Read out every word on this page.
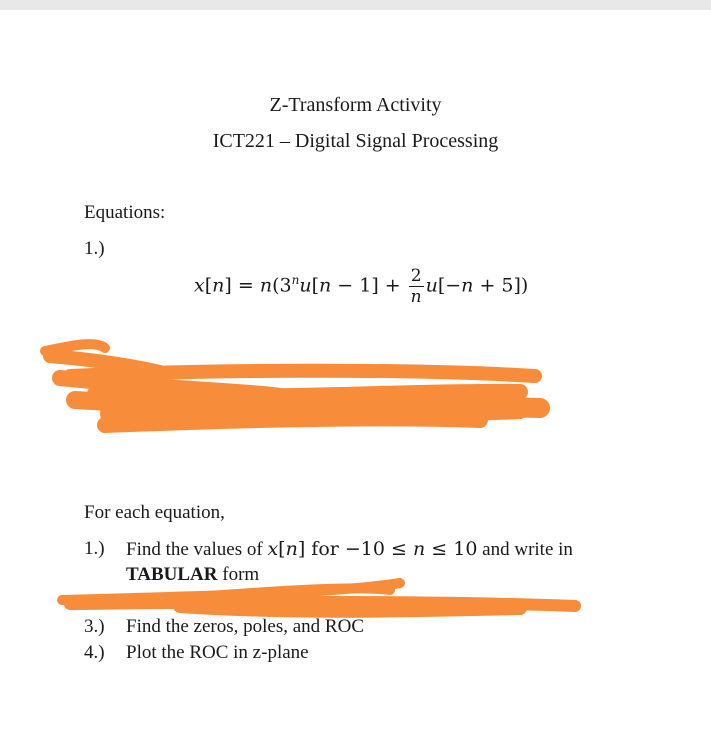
Z-Transform Activity
ICT221 – Digital Signal Processing
Equations:
1.)
$x[n] = n(3^nu[n - 1] + \frac{2}{n} u[-n + 5])$
For each equation,
1.) Find the values of x[n] for −10 ≤ n ≤ 10 and write in
TABULAR form
3.) Find the zeros, poles, and ROC
4.) Plot the ROC in z-plane
